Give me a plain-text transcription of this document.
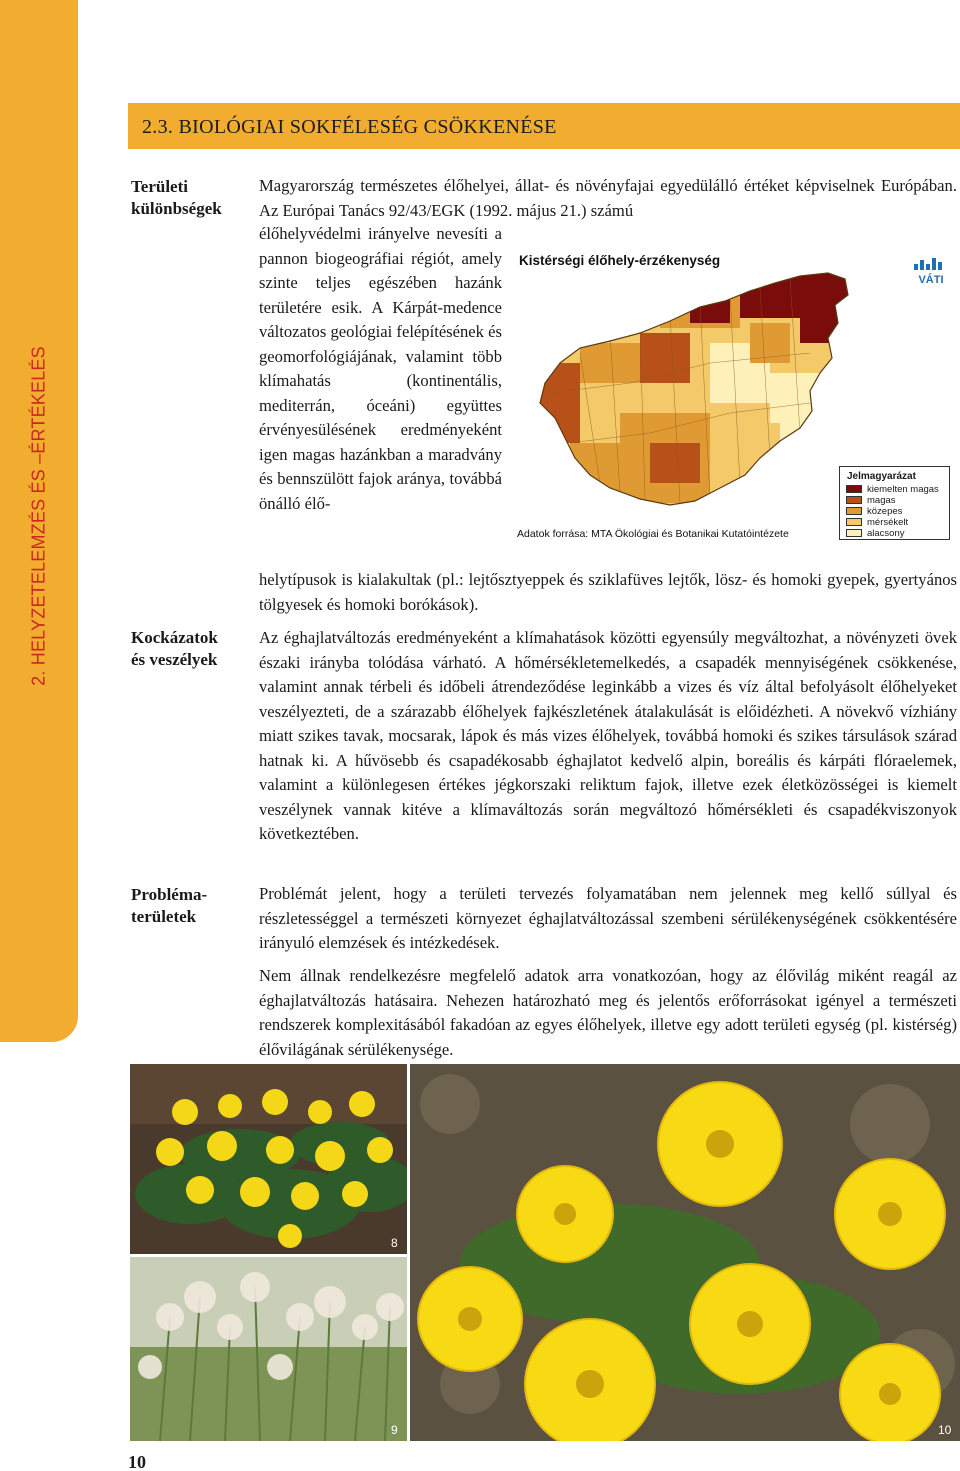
2. HELYZETELEMZÉS ÉS –ÉRTÉKELÉS
2.3. BIOLÓGIAI SOKFÉLESÉG CSÖKKENÉSE
Területi
különbségek

Magyarország természetes élőhelyei, állat- és növényfajai egyedülálló értéket képviselnek Európában. Az Európai Tanács 92/43/EGK (1992. május 21.) számú

élőhelyvédelmi irányelve nevesíti a pannon biogeográfiai régiót, amely szinte teljes egészében hazánk területére esik. A Kárpát-medence változatos geológiai felépítésének és geomorfológiájának, valamint több klímahatás (kontinentális, mediterrán, óceáni) együttes érvényesülésének eredményeként igen magas hazánkban a maradvány és bennszülött fajok aránya, továbbá önálló élő-

helytípusok is kialakultak (pl.: lejtősztyeppek és sziklafüves lejtők, lösz- és homoki gyepek, gyertyános tölgyesek és homoki borókások).

Kistérségi élőhely-érzékenység
VÁTI
Jelmagyarázat
kiemelten magas
magas
közepes
mérsékelt
alacsony
Adatok forrása: MTA Ökológiai és Botanikai Kutatóintézete
Kockázatok
és veszélyek

Az éghajlatváltozás eredményeként a klímahatások közötti egyensúly megváltozhat, a növényzeti övek északi irányba tolódása várható. A hőmérsékletemelkedés, a csapadék mennyiségének csökkenése, valamint annak térbeli és időbeli átrendeződése leginkább a vizes és víz által befolyásolt élőhelyeket veszélyezteti, de a szárazabb élőhelyek fajkészletének átalakulását is előidézheti. A növekvő vízhiány miatt szikes tavak, mocsarak, lápok és más vizes élőhelyek, továbbá homoki és szikes társulások szárad hatnak ki. A hűvösebb és csapadékosabb éghajlatot kedvelő alpin, boreális és kárpáti flóraelemek, valamint a különlegesen értékes jégkorszaki reliktum fajok, illetve ezek életközösségei is kiemelt veszélynek vannak kitéve a klímaváltozás során megváltozó hőmérsékleti és csapadékviszonyok következtében.

Probléma-
területek

Problémát jelent, hogy a területi tervezés folyamatában nem jelennek meg kellő súllyal és részletességgel a természeti környezet éghajlatváltozással szembeni sérülékenységének csökkentésére irányuló elemzések és intézkedések.

Nem állnak rendelkezésre megfelelő adatok arra vonatkozóan, hogy az élővilág miként reagál az éghajlatváltozás hatásaira. Nehezen határozható meg és jelentős erőforrásokat igényel a természeti rendszerek komplexitásából fakadóan az egyes élőhelyek, illetve egy adott területi egység (pl. kistérség) élővilágának sérülékenysége.

8
9	10
10
